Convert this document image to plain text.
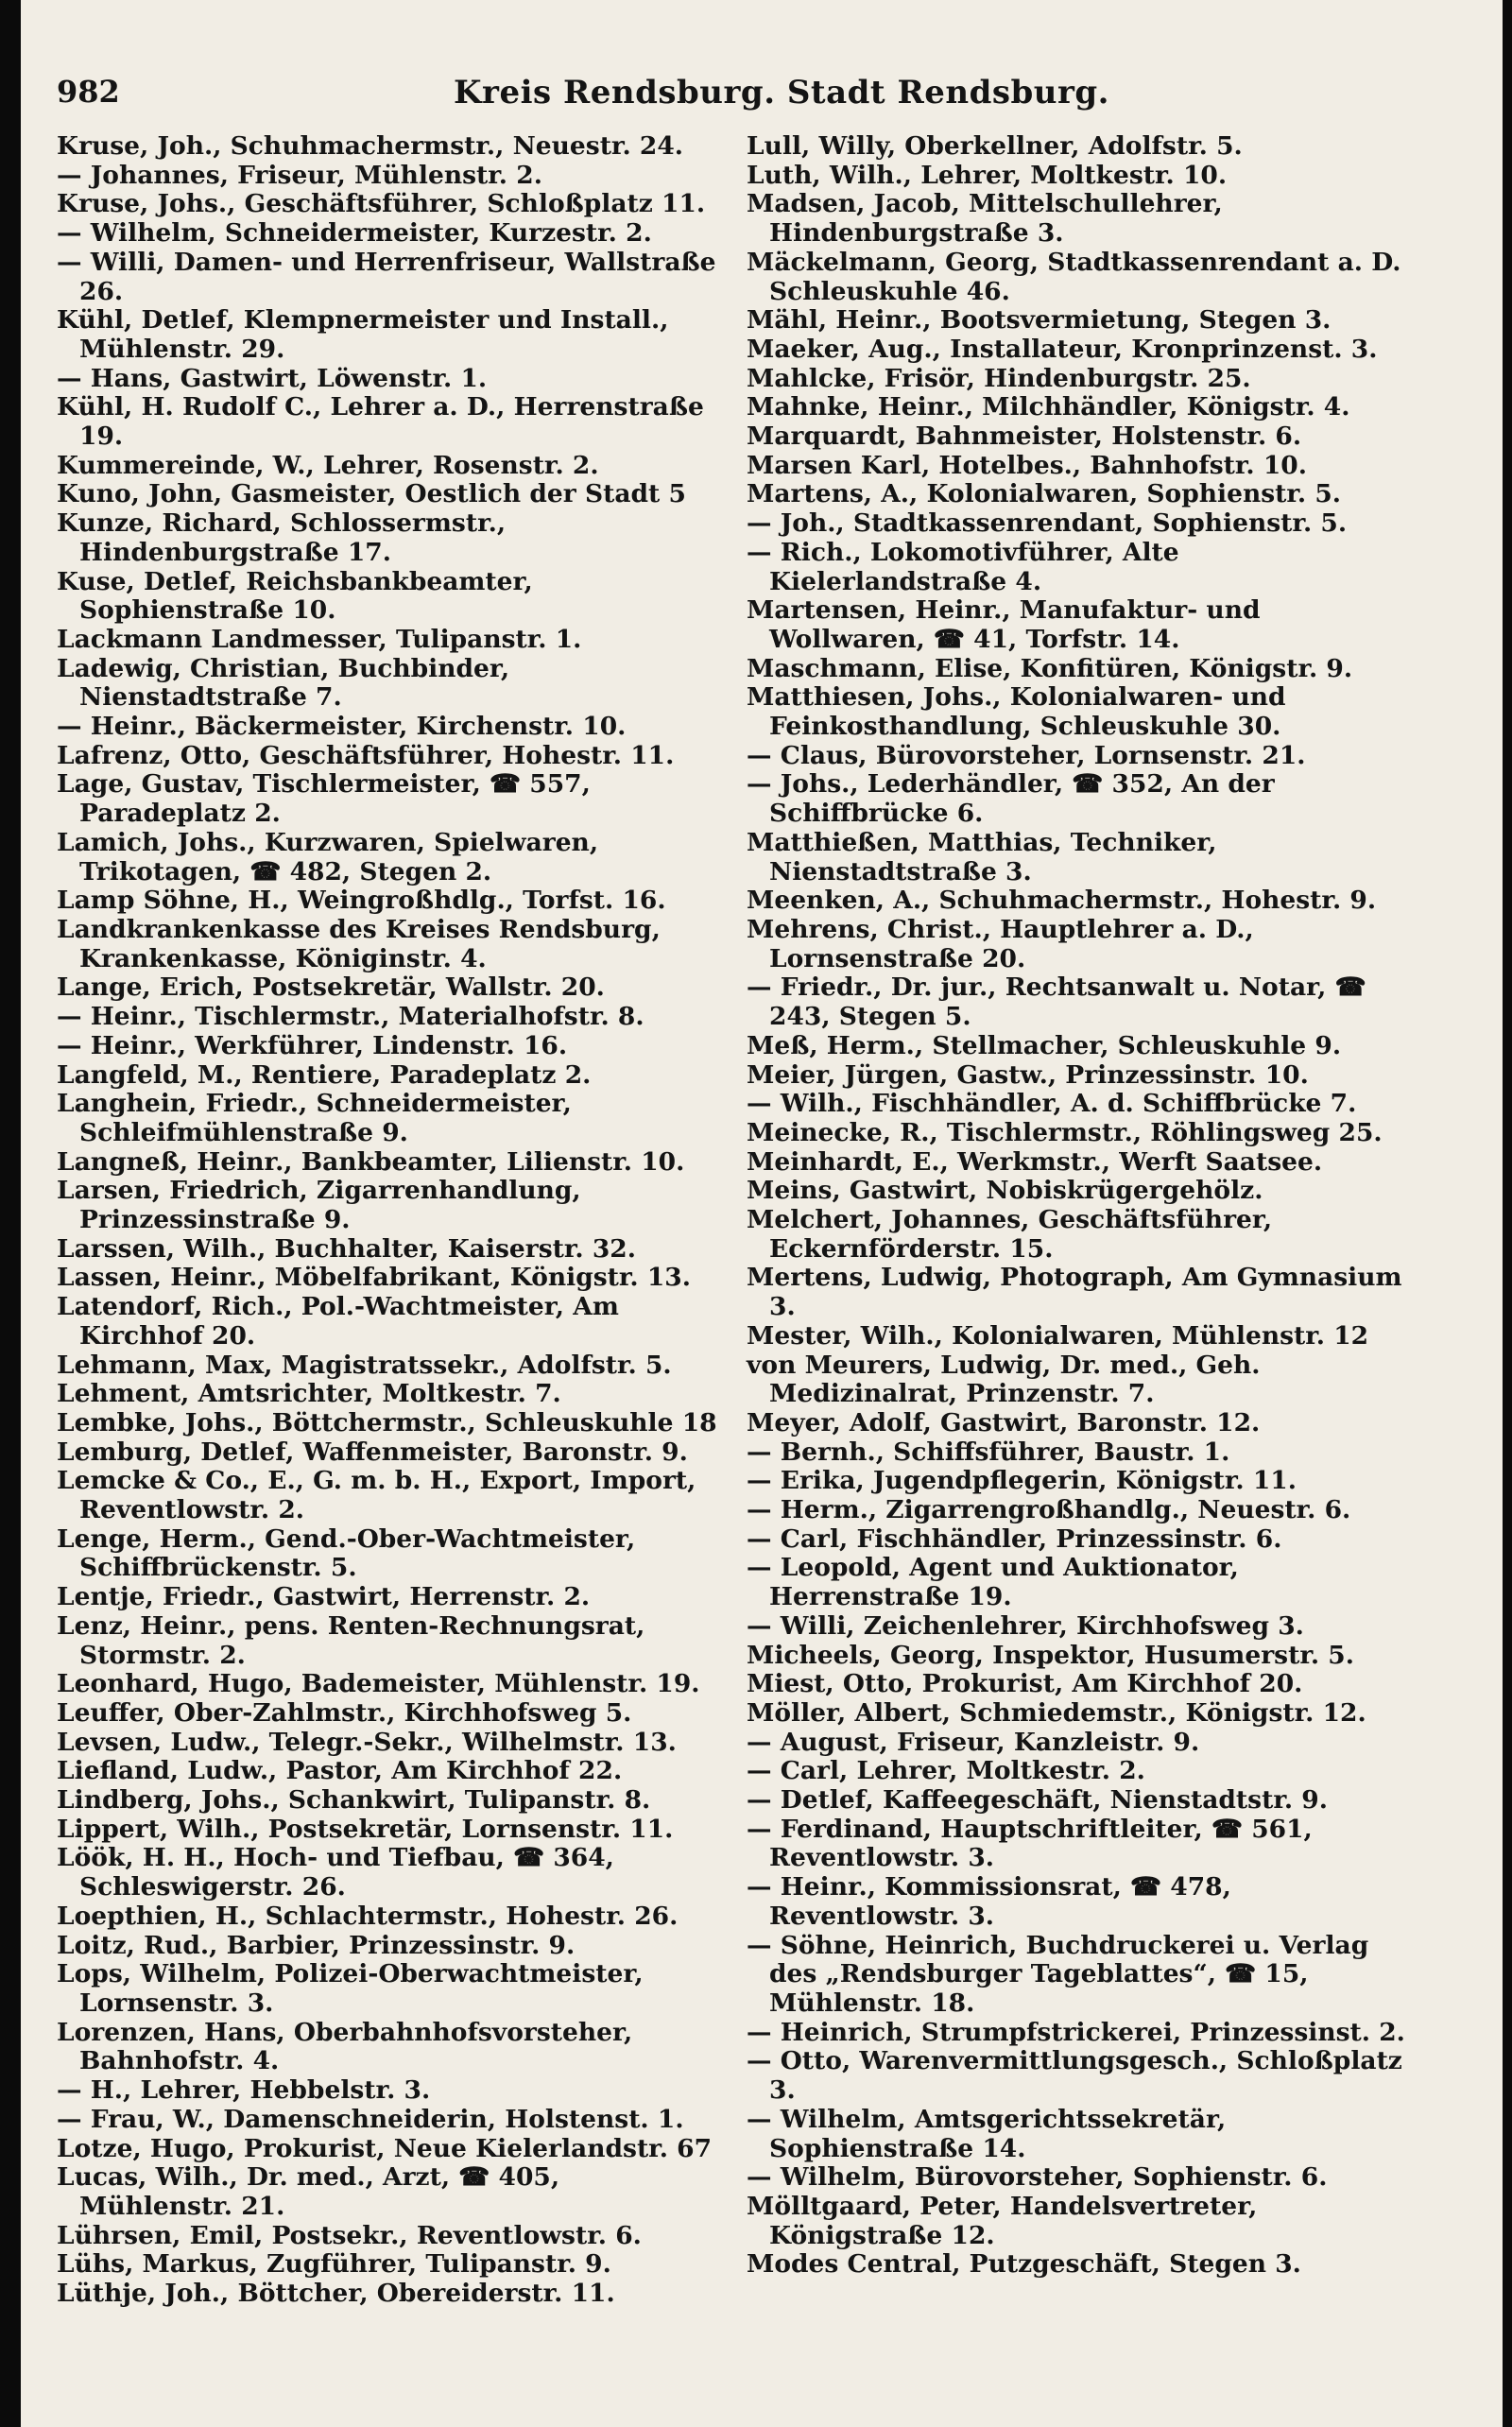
982	Kreis Rendsburg. Stadt Rendsburg.
Kruse, Joh., Schuhmachermstr., Neuestr. 24.
— Johannes, Friseur, Mühlenstr. 2.
Kruse, Johs., Geschäftsführer, Schloßplatz 11.
— Wilhelm, Schneidermeister, Kurzestr. 2.
— Willi, Damen- und Herrenfriseur, Wallstraße 26.
Kühl, Detlef, Klempnermeister und Install., Mühlenstr. 29.
— Hans, Gastwirt, Löwenstr. 1.
Kühl, H. Rudolf C., Lehrer a. D., Herrenstraße 19.
Kummereinde, W., Lehrer, Rosenstr. 2.
Kuno, John, Gasmeister, Oestlich der Stadt 5
Kunze, Richard, Schlossermstr., Hindenburgstraße 17.
Kuse, Detlef, Reichsbankbeamter, Sophienstraße 10.
Lackmann Landmesser, Tulipanstr. 1.
Ladewig, Christian, Buchbinder, Nienstadtstraße 7.
— Heinr., Bäckermeister, Kirchenstr. 10.
Lafrenz, Otto, Geschäftsführer, Hohestr. 11.
Lage, Gustav, Tischlermeister, ☎ 557, Paradeplatz 2.
Lamich, Johs., Kurzwaren, Spielwaren, Trikotagen, ☎ 482, Stegen 2.
Lamp Söhne, H., Weingroßhdlg., Torfst. 16.
Landkrankenkasse des Kreises Rendsburg, Krankenkasse, Königinstr. 4.
Lange, Erich, Postsekretär, Wallstr. 20.
— Heinr., Tischlermstr., Materialhofstr. 8.
— Heinr., Werkführer, Lindenstr. 16.
Langfeld, M., Rentiere, Paradeplatz 2.
Langhein, Friedr., Schneidermeister, Schleifmühlenstraße 9.
Langneß, Heinr., Bankbeamter, Lilienstr. 10.
Larsen, Friedrich, Zigarrenhandlung, Prinzessinstraße 9.
Larssen, Wilh., Buchhalter, Kaiserstr. 32.
Lassen, Heinr., Möbelfabrikant, Königstr. 13.
Latendorf, Rich., Pol.-Wachtmeister, Am Kirchhof 20.
Lehmann, Max, Magistratssekr., Adolfstr. 5.
Lehment, Amtsrichter, Moltkestr. 7.
Lembke, Johs., Böttchermstr., Schleuskuhle 18
Lemburg, Detlef, Waffenmeister, Baronstr. 9.
Lemcke & Co., E., G. m. b. H., Export, Import, Reventlowstr. 2.
Lenge, Herm., Gend.-Ober-Wachtmeister, Schiffbrückenstr. 5.
Lentje, Friedr., Gastwirt, Herrenstr. 2.
Lenz, Heinr., pens. Renten-Rechnungsrat, Stormstr. 2.
Leonhard, Hugo, Bademeister, Mühlenstr. 19.
Leuffer, Ober-Zahlmstr., Kirchhofsweg 5.
Levsen, Ludw., Telegr.-Sekr., Wilhelmstr. 13.
Liefland, Ludw., Pastor, Am Kirchhof 22.
Lindberg, Johs., Schankwirt, Tulipanstr. 8.
Lippert, Wilh., Postsekretär, Lornsenstr. 11.
Löök, H. H., Hoch- und Tiefbau, ☎ 364, Schleswigerstr. 26.
Loepthien, H., Schlachtermstr., Hohestr. 26.
Loitz, Rud., Barbier, Prinzessinstr. 9.
Lops, Wilhelm, Polizei-Oberwachtmeister, Lornsenstr. 3.
Lorenzen, Hans, Oberbahnhofsvorsteher, Bahnhofstr. 4.
— H., Lehrer, Hebbelstr. 3.
— Frau, W., Damenschneiderin, Holstenst. 1.
Lotze, Hugo, Prokurist, Neue Kielerlandstr. 67
Lucas, Wilh., Dr. med., Arzt, ☎ 405, Mühlenstr. 21.
Lührsen, Emil, Postsekr., Reventlowstr. 6.
Lühs, Markus, Zugführer, Tulipanstr. 9.
Lüthje, Joh., Böttcher, Obereiderstr. 11.
Lull, Willy, Oberkellner, Adolfstr. 5.
Luth, Wilh., Lehrer, Moltkestr. 10.
Madsen, Jacob, Mittelschullehrer, Hindenburgstraße 3.
Mäckelmann, Georg, Stadtkassenrendant a. D. Schleuskuhle 46.
Mähl, Heinr., Bootsvermietung, Stegen 3.
Maeker, Aug., Installateur, Kronprinzenst. 3.
Mahlcke, Frisör, Hindenburgstr. 25.
Mahnke, Heinr., Milchhändler, Königstr. 4.
Marquardt, Bahnmeister, Holstenstr. 6.
Marsen Karl, Hotelbes., Bahnhofstr. 10.
Martens, A., Kolonialwaren, Sophienstr. 5.
— Joh., Stadtkassenrendant, Sophienstr. 5.
— Rich., Lokomotivführer, Alte Kielerlandstraße 4.
Martensen, Heinr., Manufaktur- und Wollwaren, ☎ 41, Torfstr. 14.
Maschmann, Elise, Konfitüren, Königstr. 9.
Matthiesen, Johs., Kolonialwaren- und Feinkosthandlung, Schleuskuhle 30.
— Claus, Bürovorsteher, Lornsenstr. 21.
— Johs., Lederhändler, ☎ 352, An der Schiffbrücke 6.
Matthießen, Matthias, Techniker, Nienstadtstraße 3.
Meenken, A., Schuhmachermstr., Hohestr. 9.
Mehrens, Christ., Hauptlehrer a. D., Lornsenstraße 20.
— Friedr., Dr. jur., Rechtsanwalt u. Notar, ☎ 243, Stegen 5.
Meß, Herm., Stellmacher, Schleuskuhle 9.
Meier, Jürgen, Gastw., Prinzessinstr. 10.
— Wilh., Fischhändler, A. d. Schiffbrücke 7.
Meinecke, R., Tischlermstr., Röhlingsweg 25.
Meinhardt, E., Werkmstr., Werft Saatsee.
Meins, Gastwirt, Nobiskrügergehölz.
Melchert, Johannes, Geschäftsführer, Eckernförderstr. 15.
Mertens, Ludwig, Photograph, Am Gymnasium 3.
Mester, Wilh., Kolonialwaren, Mühlenstr. 12
von Meurers, Ludwig, Dr. med., Geh. Medizinalrat, Prinzenstr. 7.
Meyer, Adolf, Gastwirt, Baronstr. 12.
— Bernh., Schiffsführer, Baustr. 1.
— Erika, Jugendpflegerin, Königstr. 11.
— Herm., Zigarrengroßhandlg., Neuestr. 6.
— Carl, Fischhändler, Prinzessinstr. 6.
— Leopold, Agent und Auktionator, Herrenstraße 19.
— Willi, Zeichenlehrer, Kirchhofsweg 3.
Micheels, Georg, Inspektor, Husumerstr. 5.
Miest, Otto, Prokurist, Am Kirchhof 20.
Möller, Albert, Schmiedemstr., Königstr. 12.
— August, Friseur, Kanzleistr. 9.
— Carl, Lehrer, Moltkestr. 2.
— Detlef, Kaffeegeschäft, Nienstadtstr. 9.
— Ferdinand, Hauptschriftleiter, ☎ 561, Reventlowstr. 3.
— Heinr., Kommissionsrat, ☎ 478, Reventlowstr. 3.
— Söhne, Heinrich, Buchdruckerei u. Verlag des „Rendsburger Tageblattes“, ☎ 15, Mühlenstr. 18.
— Heinrich, Strumpfstrickerei, Prinzessinst. 2.
— Otto, Warenvermittlungsgesch., Schloßplatz 3.
— Wilhelm, Amtsgerichtssekretär, Sophienstraße 14.
— Wilhelm, Bürovorsteher, Sophienstr. 6.
Mölltgaard, Peter, Handelsvertreter, Königstraße 12.
Modes Central, Putzgeschäft, Stegen 3.
